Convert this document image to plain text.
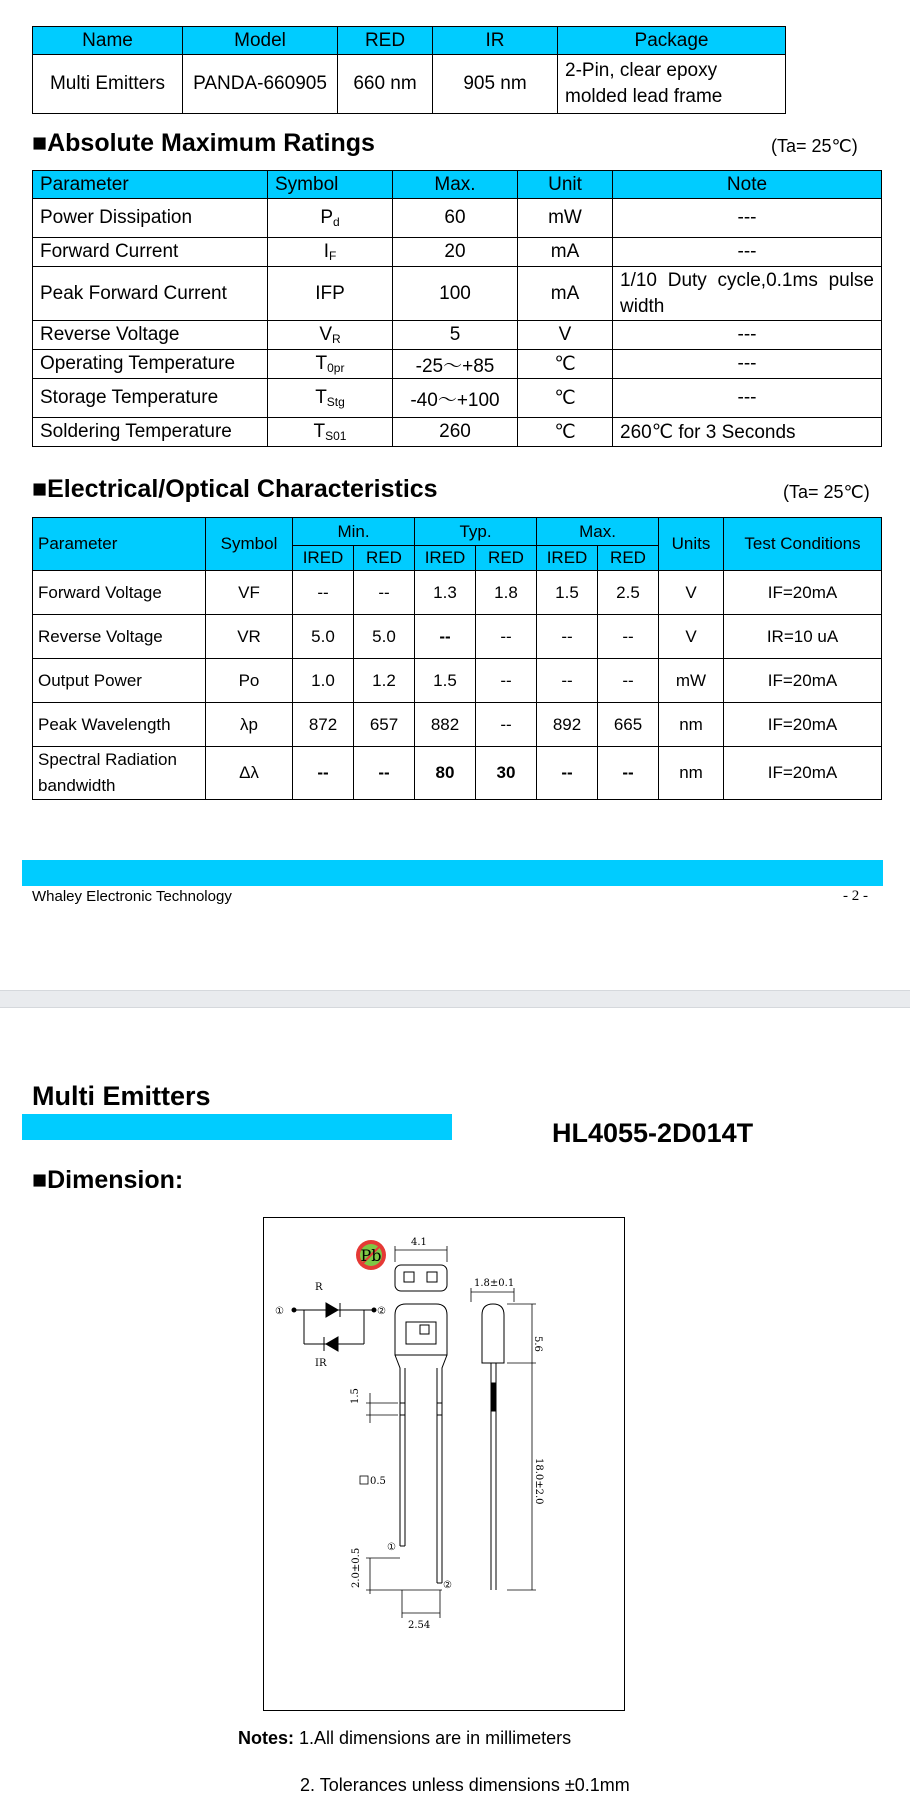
Name	Model	RED	IR	Package
Multi Emitters	PANDA-660905	660 nm	905 nm	2-Pin, clear epoxy molded lead frame
■Absolute Maximum Ratings	(Ta= 25℃)
Parameter	Symbol	Max.	Unit	Note
Power Dissipation	$P_d$	60	mW	---
Forward Current	$I_F$	20	mA	---
Peak Forward Current	IFP	100	mA	1/10 Duty cycle,0.1ms pulse width
Reverse Voltage	$V_R$	5	V	---
Operating Temperature	$T_{0pr}$	-25～+85	℃	---
Storage Temperature	$T_{Stg}$	-40～+100	℃	---
Soldering Temperature	$T_{S01}$	260	℃	260℃ for 3 Seconds
■Electrical/Optical Characteristics	(Ta= 25℃)
Parameter	Symbol	Min.		Typ.		Max.		Units	Test Conditions
		IRED	RED	IRED	RED	IRED	RED		
Forward Voltage	VF	--	--	1.3	1.8	1.5	2.5	V	IF=20mA
Reverse Voltage	VR	5.0	5.0	--	--	--	--	V	IR=10 uA
Output Power	Po	1.0	1.2	1.5	--	--	--	mW	IF=20mA
Peak Wavelength	λp	872	657	882	--	892	665	nm	IF=20mA
Spectral Radiation bandwidth	Δλ	--	--	80	30	--	--	nm	IF=20mA
Whaley Electronic Technology	- 2 -
Multi Emitters
HL4055-2D014T
■Dimension:
Pb
R
IR
①	②
4.1
1.8±0.1
5.6
18.0±2.0
1.5
0.5
2.0±0.5
2.54
①
②
Notes: 1.All dimensions are in millimeters
2. Tolerances unless dimensions ±0.1mm
